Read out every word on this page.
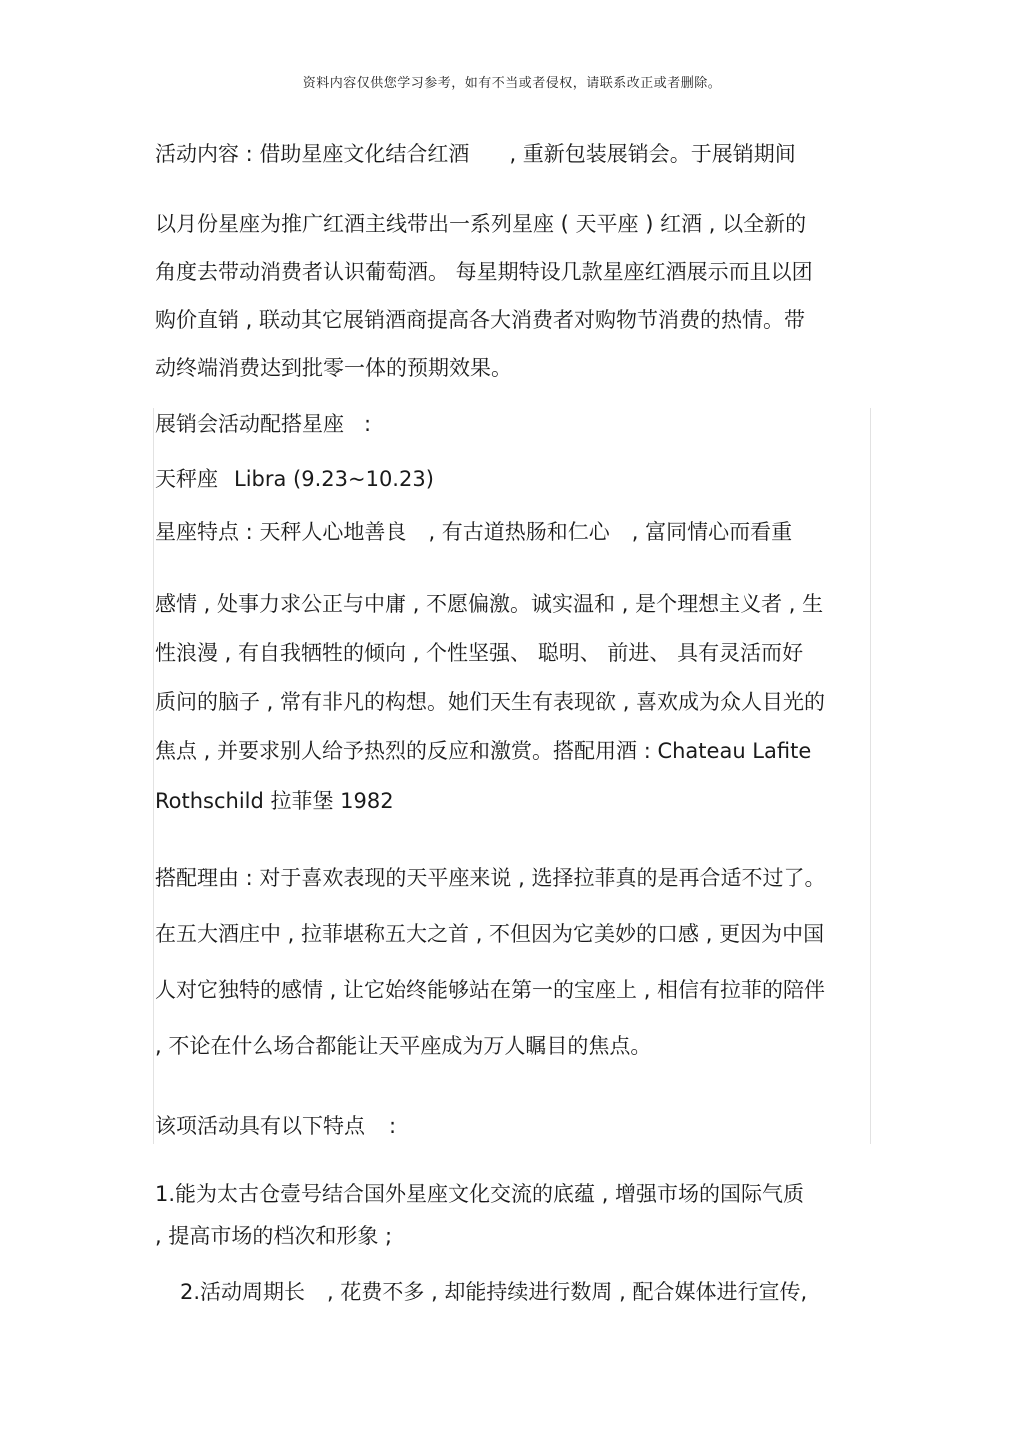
资料内容仅供您学习参考，如有不当或者侵权，请联系改正或者删除。
活动内容 : 借助星座文化结合红酒 , 重新包装展销会。于展销期间
以月份星座为推广红酒主线带出一系列星座 ( 天平座 ) 红酒 , 以全新的
角度去带动消费者认识葡萄酒。 每星期特设几款星座红酒展示而且以团
购价直销 , 联动其它展销酒商提高各大消费者对购物节消费的热情。带
动终端消费达到批零一体的预期效果。
展销会活动配搭星座 :
天秤座 Libra (9.23~10.23)
星座特点 : 天秤人心地善良 , 有古道热肠和仁心 , 富同情心而看重
感情 , 处事力求公正与中庸 , 不愿偏激。诚实温和 , 是个理想主义者 , 生
性浪漫 , 有自我牺牲的倾向 , 个性坚强、 聪明、 前进、 具有灵活而好
质问的脑子 , 常有非凡的构想。她们天生有表现欲 , 喜欢成为众人目光的
焦点 , 并要求别人给予热烈的反应和激赏。搭配用酒 : Chateau Lafite
Rothschild 拉菲堡 1982
搭配理由 : 对于喜欢表现的天平座来说 , 选择拉菲真的是再合适不过了。
在五大酒庄中 , 拉菲堪称五大之首 , 不但因为它美妙的口感 , 更因为中国
人对它独特的感情 , 让它始终能够站在第一的宝座上 , 相信有拉菲的陪伴
, 不论在什么场合都能让天平座成为万人瞩目的焦点。
该项活动具有以下特点 :
1.能为太古仓壹号结合国外星座文化交流的底蕴 , 增强市场的国际气质
, 提高市场的档次和形象 ;
2.活动周期长 , 花费不多 , 却能持续进行数周 , 配合媒体进行宣传,
